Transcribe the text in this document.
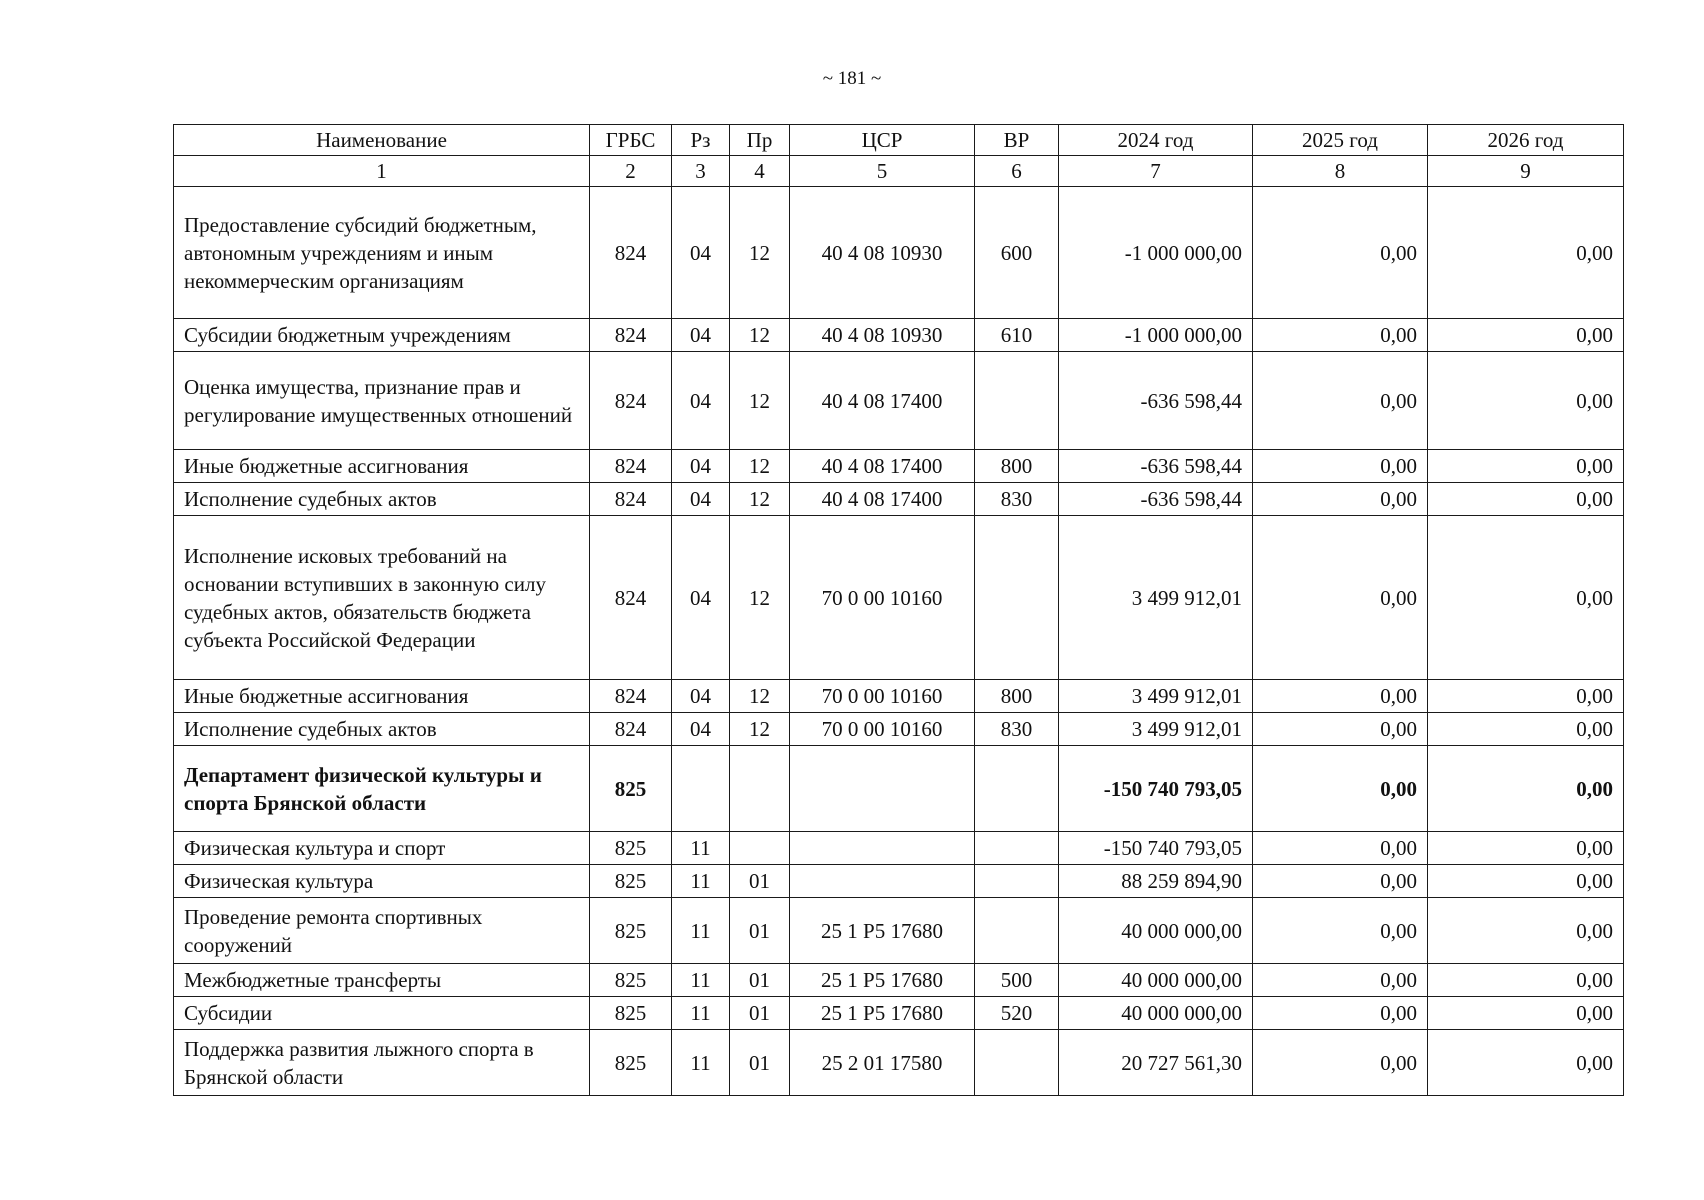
~ 181 ~
Наименование	ГРБС	Рз	Пр	ЦСР	ВР	2024 год	2025 год	2026 год
1	2	3	4	5	6	7	8	9
Предоставление субсидий бюджетным, автономным учреждениям и иным некоммерческим организациям	824	04	12	40 4 08 10930	600	-1 000 000,00	0,00	0,00
Субсидии бюджетным учреждениям	824	04	12	40 4 08 10930	610	-1 000 000,00	0,00	0,00
Оценка имущества, признание прав и регулирование имущественных отношений	824	04	12	40 4 08 17400		-636 598,44	0,00	0,00
Иные бюджетные ассигнования	824	04	12	40 4 08 17400	800	-636 598,44	0,00	0,00
Исполнение судебных актов	824	04	12	40 4 08 17400	830	-636 598,44	0,00	0,00
Исполнение исковых требований на основании вступивших в законную силу судебных актов, обязательств бюджета субъекта Российской Федерации	824	04	12	70 0 00 10160		3 499 912,01	0,00	0,00
Иные бюджетные ассигнования	824	04	12	70 0 00 10160	800	3 499 912,01	0,00	0,00
Исполнение судебных актов	824	04	12	70 0 00 10160	830	3 499 912,01	0,00	0,00
Департамент физической культуры и спорта Брянской области	825					-150 740 793,05	0,00	0,00
Физическая культура и спорт	825	11				-150 740 793,05	0,00	0,00
Физическая культура	825	11	01			88 259 894,90	0,00	0,00
Проведение ремонта спортивных сооружений	825	11	01	25 1 Р5 17680		40 000 000,00	0,00	0,00
Межбюджетные трансферты	825	11	01	25 1 Р5 17680	500	40 000 000,00	0,00	0,00
Субсидии	825	11	01	25 1 Р5 17680	520	40 000 000,00	0,00	0,00
Поддержка развития лыжного спорта в Брянской области	825	11	01	25 2 01 17580		20 727 561,30	0,00	0,00
